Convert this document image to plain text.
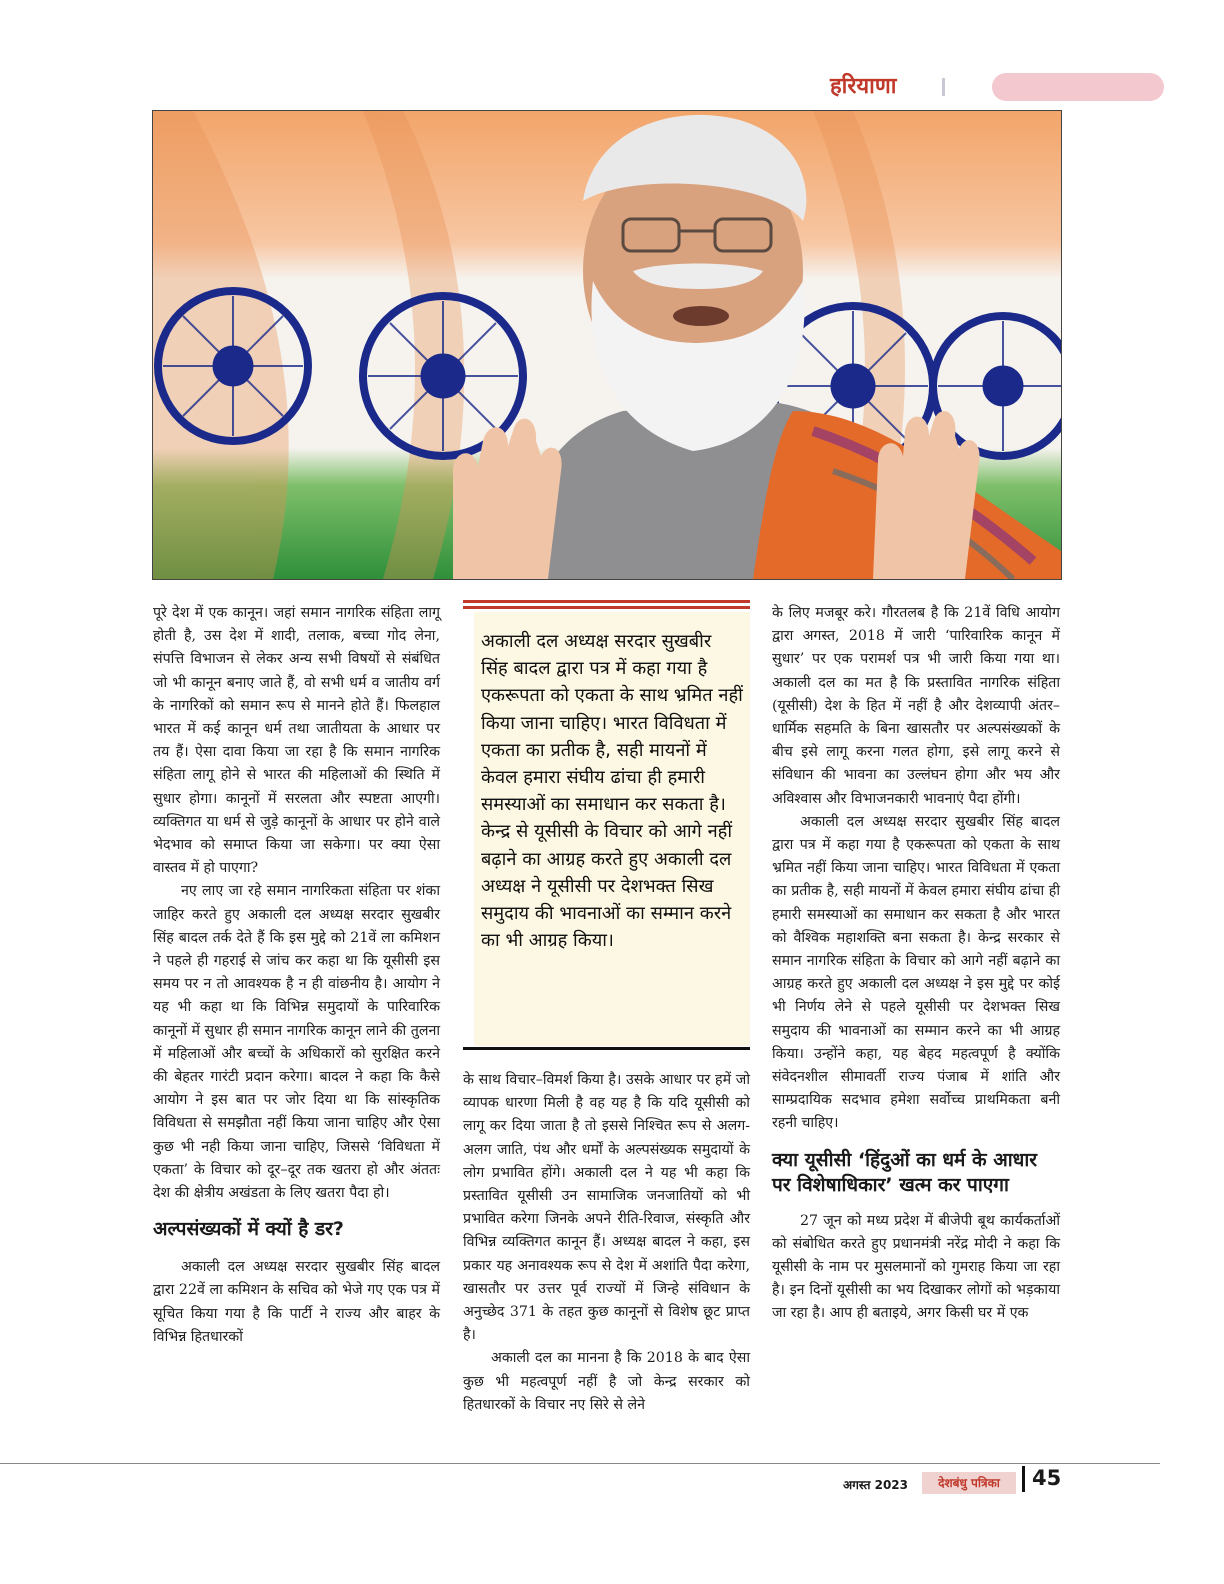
हरियाणा

पूरे देश में एक कानून। जहां समान नागरिक संहिता लागू होती है, उस देश में शादी, तलाक, बच्चा गोद लेना, संपत्ति विभाजन से लेकर अन्य सभी विषयों से संबंधित जो भी कानून बनाए जाते हैं, वो सभी धर्म व जातीय वर्ग के नागरिकों को समान रूप से मानने होते हैं। फिलहाल भारत में कई कानून धर्म तथा जातीयता के आधार पर तय हैं। ऐसा दावा किया जा रहा है कि समान नागरिक संहिता लागू होने से भारत की महिलाओं की स्थिति में सुधार होगा। कानूनों में सरलता और स्पष्टता आएगी। व्यक्तिगत या धर्म से जुड़े कानूनों के आधार पर होने वाले भेदभाव को समाप्त किया जा सकेगा। पर क्या ऐसा वास्तव में हो पाएगा?

नए लाए जा रहे समान नागरिकता संहिता पर शंका जाहिर करते हुए अकाली दल अध्यक्ष सरदार सुखबीर सिंह बादल तर्क देते हैं कि इस मुद्दे को 21वें ला कमिशन ने पहले ही गहराई से जांच कर कहा था कि यूसीसी इस समय पर न तो आवश्यक है न ही वांछनीय है। आयोग ने यह भी कहा था कि विभिन्न समुदायों के पारिवारिक कानूनों में सुधार ही समान नागरिक कानून लाने की तुलना में महिलाओं और बच्चों के अधिकारों को सुरक्षित करने की बेहतर गारंटी प्रदान करेगा। बादल ने कहा कि कैसे आयोग ने इस बात पर जोर दिया था कि सांस्कृतिक विविधता से समझौता नहीं किया जाना चाहिए और ऐसा कुछ भी नही किया जाना चाहिए, जिससे ‘विविधता में एकता’ के विचार को दूर–दूर तक खतरा हो और अंततः देश की क्षेत्रीय अखंडता के लिए खतरा पैदा हो।

अल्पसंख्यकों में क्यों है डर?

अकाली दल अध्यक्ष सरदार सुखबीर सिंह बादल द्वारा 22वें ला कमिशन के सचिव को भेजे गए एक पत्र में सूचित किया गया है कि पार्टी ने राज्य और बाहर के विभिन्न हितधारकों

अकाली दल अध्यक्ष सरदार सुखबीर सिंह बादल द्वारा पत्र में कहा गया है एकरूपता को एकता के साथ भ्रमित नहीं किया जाना चाहिए। भारत विविधता में एकता का प्रतीक है, सही मायनों में केवल हमारा संघीय ढांचा ही हमारी समस्याओं का समाधान कर सकता है। केन्द्र से यूसीसी के विचार को आगे नहीं बढ़ाने का आग्रह करते हुए अकाली दल अध्यक्ष ने यूसीसी पर देशभक्त सिख समुदाय की भावनाओं का सम्मान करने का भी आग्रह किया।

के साथ विचार–विमर्श किया है। उसके आधार पर हमें जो व्यापक धारणा मिली है वह यह है कि यदि यूसीसी को लागू कर दिया जाता है तो इससे निश्चित रूप से अलग-अलग जाति, पंथ और धर्मों के अल्पसंख्यक समुदायों के लोग प्रभावित होंगे। अकाली दल ने यह भी कहा कि प्रस्तावित यूसीसी उन सामाजिक जनजातियों को भी प्रभावित करेगा जिनके अपने रीति-रिवाज, संस्कृति और विभिन्न व्यक्तिगत कानून हैं। अध्यक्ष बादल ने कहा, इस प्रकार यह अनावश्यक रूप से देश में अशांति पैदा करेगा, खासतौर पर उत्तर पूर्व राज्यों में जिन्हे संविधान के अनुच्छेद 371 के तहत कुछ कानूनों से विशेष छूट प्राप्त है।

अकाली दल का मानना है कि 2018 के बाद ऐसा कुछ भी महत्वपूर्ण नहीं है जो केन्द्र सरकार को हितधारकों के विचार नए सिरे से लेने

के लिए मजबूर करे। गौरतलब है कि 21वें विधि आयोग द्वारा अगस्त, 2018 में जारी ‘पारिवारिक कानून में सुधार’ पर एक परामर्श पत्र भी जारी किया गया था। अकाली दल का मत है कि प्रस्तावित नागरिक संहिता (यूसीसी) देश के हित में नहीं है और देशव्यापी अंतर–धार्मिक सहमति के बिना खासतौर पर अल्पसंख्यकों के बीच इसे लागू करना गलत होगा, इसे लागू करने से संविधान की भावना का उल्लंघन होगा और भय और अविश्वास और विभाजनकारी भावनाएं पैदा होंगी।

अकाली दल अध्यक्ष सरदार सुखबीर सिंह बादल द्वारा पत्र में कहा गया है एकरूपता को एकता के साथ भ्रमित नहीं किया जाना चाहिए। भारत विविधता में एकता का प्रतीक है, सही मायनों में केवल हमारा संघीय ढांचा ही हमारी समस्याओं का समाधान कर सकता है और भारत को वैश्विक महाशक्ति बना सकता है। केन्द्र सरकार से समान नागरिक संहिता के विचार को आगे नहीं बढ़ाने का आग्रह करते हुए अकाली दल अध्यक्ष ने इस मुद्दे पर कोई भी निर्णय लेने से पहले यूसीसी पर देशभक्त सिख समुदाय की भावनाओं का सम्मान करने का भी आग्रह किया। उन्होंने कहा, यह बेहद महत्वपूर्ण है क्योंकि संवेदनशील सीमावर्ती राज्य पंजाब में शांति और साम्प्रदायिक सदभाव हमेशा सर्वोच्च प्राथमिकता बनी रहनी चाहिए।

क्या यूसीसी ‘हिंदुओं का धर्म के आधार पर विशेषाधिकार’ खत्म कर पाएगा

27 जून को मध्य प्रदेश में बीजेपी बूथ कार्यकर्ताओं को संबोधित करते हुए प्रधानमंत्री नरेंद्र मोदी ने कहा कि यूसीसी के नाम पर मुसलमानों को गुमराह किया जा रहा है। इन दिनों यूसीसी का भय दिखाकर लोगों को भड़काया जा रहा है। आप ही बताइये, अगर किसी घर में एक

अगस्त 2023	देशबंधु पत्रिका	45
